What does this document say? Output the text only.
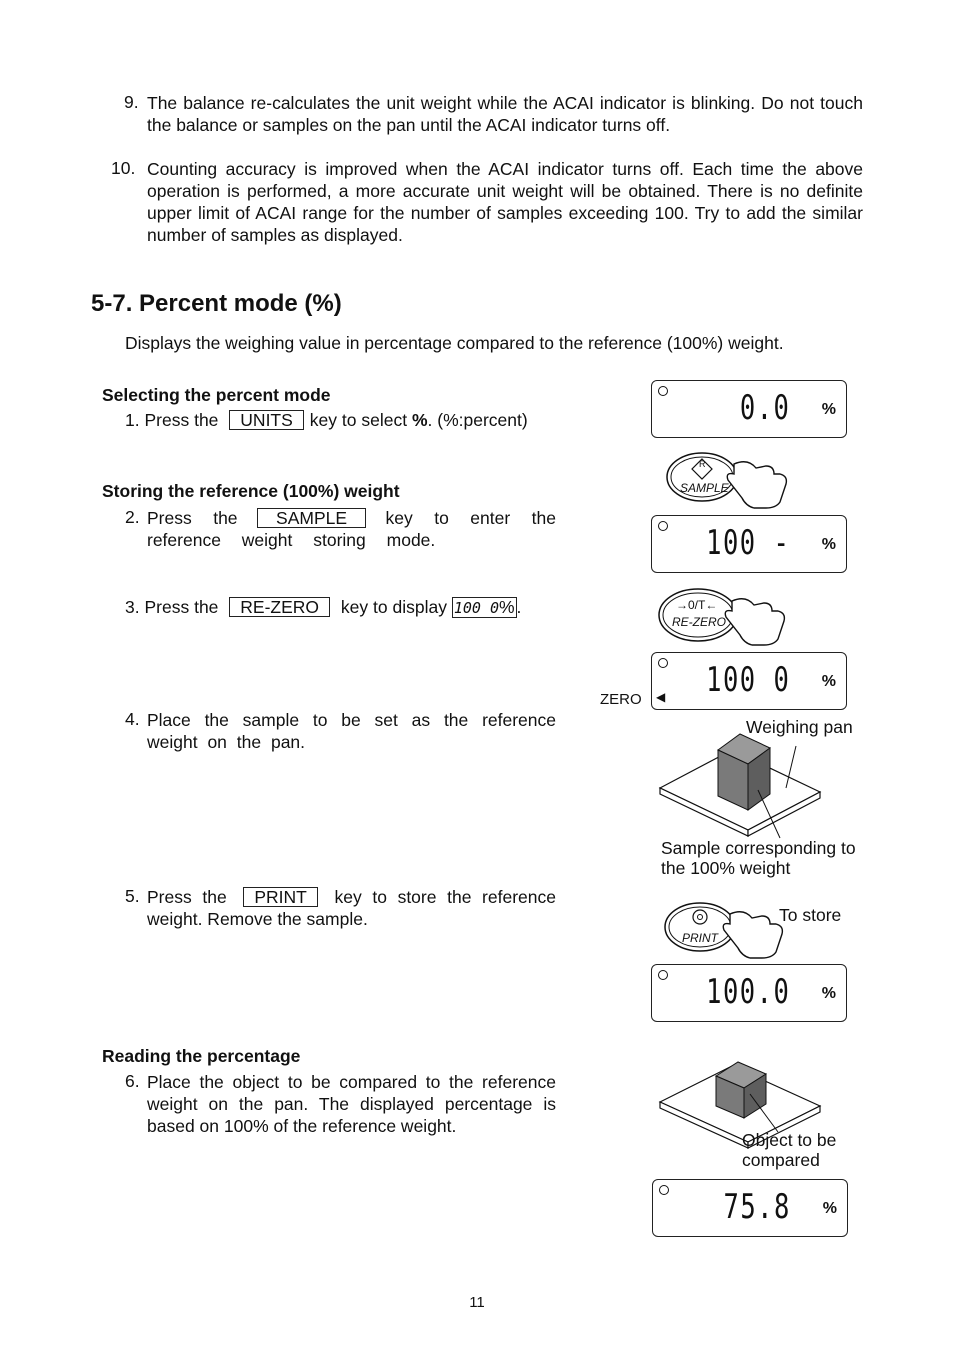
9. The balance re-calculates the unit weight while the ACAI indicator is blinking. Do not touch the balance or samples on the pan until the ACAI indicator turns off.
10. Counting accuracy is improved when the ACAI indicator turns off. Each time the above operation is performed, a more accurate unit weight will be obtained. There is no definite upper limit of ACAI range for the number of samples exceeding 100. Try to add the similar number of samples as displayed.
5-7. Percent mode (%)
Displays the weighing value in percentage compared to the reference (100%) weight.
Selecting the percent mode
1. Press the UNITS key to select %. (%:percent)
Storing the reference (100%) weight
2. Press the SAMPLE key to enter the reference weight storing mode.
3. Press the RE-ZERO key to display 100 0% .
4. Place the sample to be set as the reference weight on the pan.
5. Press the PRINT key to store the reference weight. Remove the sample.
Reading the percentage
6. Place the object to be compared to the reference weight on the pan. The displayed percentage is based on 100% of the reference weight.
0.0 %
R
SAMPLE
100 - %
→0/T←
RE-ZERO
100 0 %
◀
ZERO
Weighing pan
Sample corresponding to the 100% weight
PRINT
To store
100.0 %
Object to be compared
75.8 %
11
